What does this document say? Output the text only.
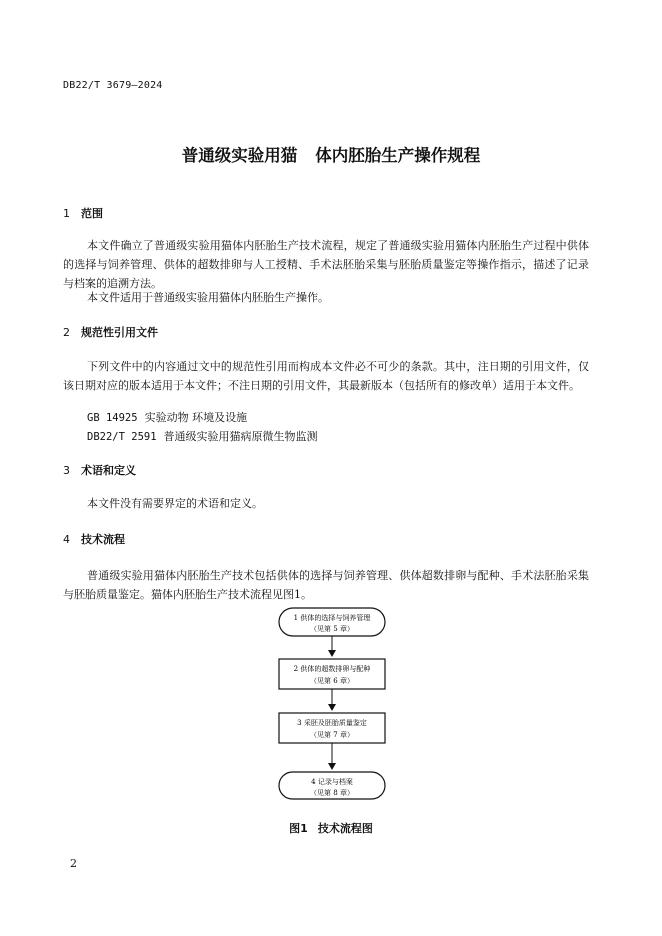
DB22/T 3679—2024
普通级实验用猫 体内胚胎生产操作规程
1 范围
本文件确立了普通级实验用猫体内胚胎生产技术流程，规定了普通级实验用猫体内胚胎生产过程中供体的选择与饲养管理、供体的超数排卵与人工授精、手术法胚胎采集与胚胎质量鉴定等操作指示，描述了记录与档案的追溯方法。
本文件适用于普通级实验用猫体内胚胎生产操作。
2 规范性引用文件
下列文件中的内容通过文中的规范性引用而构成本文件必不可少的条款。其中，注日期的引用文件，仅该日期对应的版本适用于本文件；不注日期的引用文件，其最新版本（包括所有的修改单）适用于本文件。
GB 14925 实验动物 环境及设施
DB22/T 2591 普通级实验用猫病原微生物监测
3 术语和定义
本文件没有需要界定的术语和定义。
4 技术流程
普通级实验用猫体内胚胎生产技术包括供体的选择与饲养管理、供体超数排卵与配种、手术法胚胎采集与胚胎质量鉴定。猫体内胚胎生产技术流程见图1。
1 供体的选择与饲养管理
（见第 5 章）
2 供体的超数排卵与配种
（见第 6 章）
3 采胚及胚胎质量鉴定
（见第 7 章）
4 记录与档案
（见第 8 章）
图1 技术流程图
2
